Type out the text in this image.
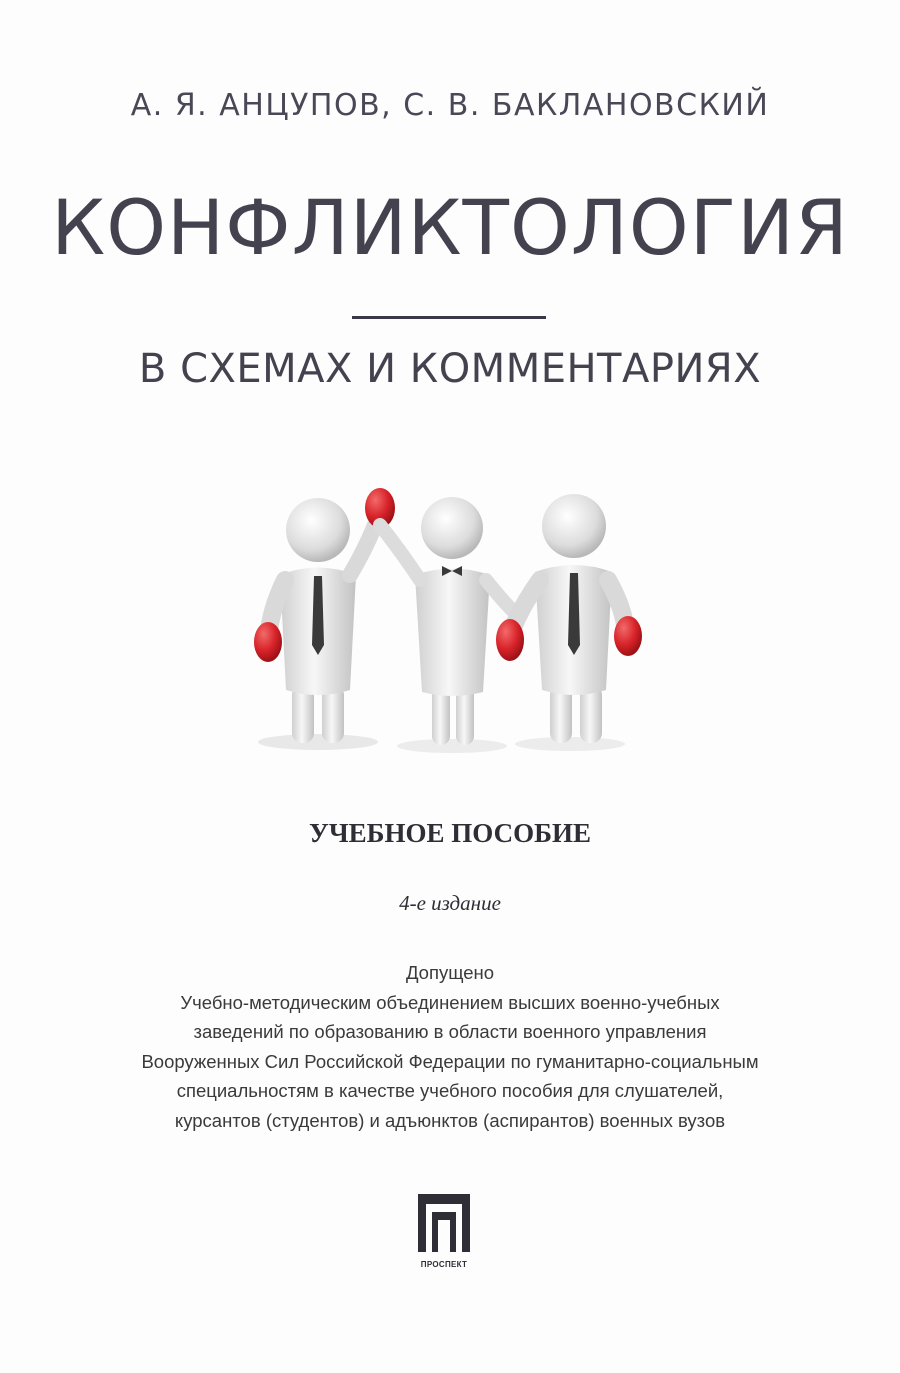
А. Я. АНЦУПОВ, С. В. БАКЛАНОВСКИЙ
КОНФЛИКТОЛОГИЯ
В СХЕМАХ И КОММЕНТАРИЯХ
УЧЕБНОЕ ПОСОБИЕ
4-е издание
Допущено
Учебно-методическим объединением высших военно-учебных
заведений по образованию в области военного управления
Вооруженных Сил Российской Федерации по гуманитарно-социальным
специальностям в качестве учебного пособия для слушателей,
курсантов (студентов) и адъюнктов (аспирантов) военных вузов
ПРОСПЕКТ
